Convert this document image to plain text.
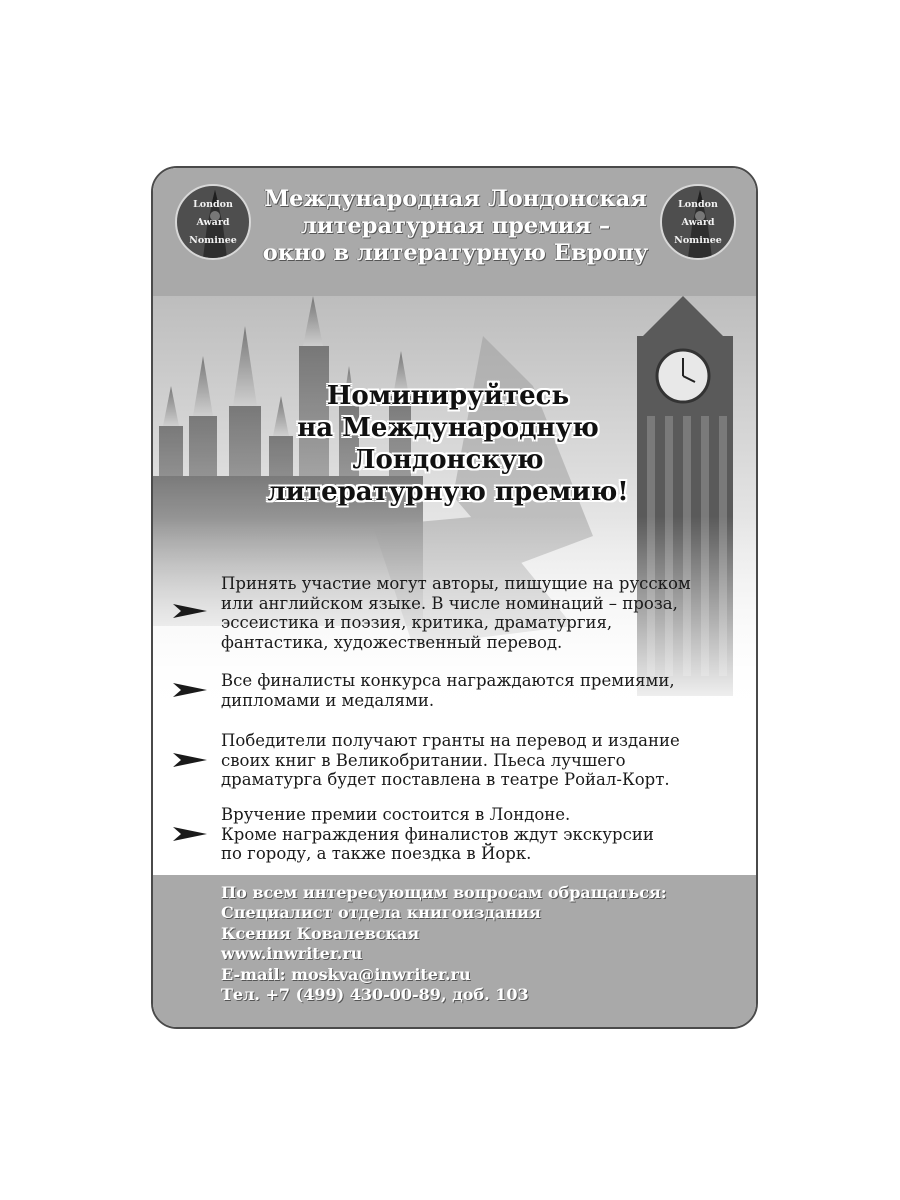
London
Award
Nominee
Международная Лондонская
литературная премия –
окно в литературную Европу
London
Award
Nominee
Номинируйтесь
на Международную
Лондонскую
литературную премию!
Принять участие могут авторы, пишущие на русском
или английском языке. В числе номинаций – проза,
эссеистика и поэзия, критика, драматургия,
фантастика, художественный перевод.
Все финалисты конкурса награждаются премиями,
дипломами и медалями.
Победители получают гранты на перевод и издание
своих книг в Великобритании. Пьеса лучшего
драматурга будет поставлена в театре Ройал-Корт.
Вручение премии состоится в Лондоне.
Кроме награждения финалистов ждут экскурсии
по городу, а также поездка в Йорк.
По всем интересующим вопросам обращаться:
Специалист отдела книгоиздания
Ксения Ковалевская
www.inwriter.ru
E-mail: moskva@inwriter.ru
Тел. +7 (499) 430-00-89, доб. 103
